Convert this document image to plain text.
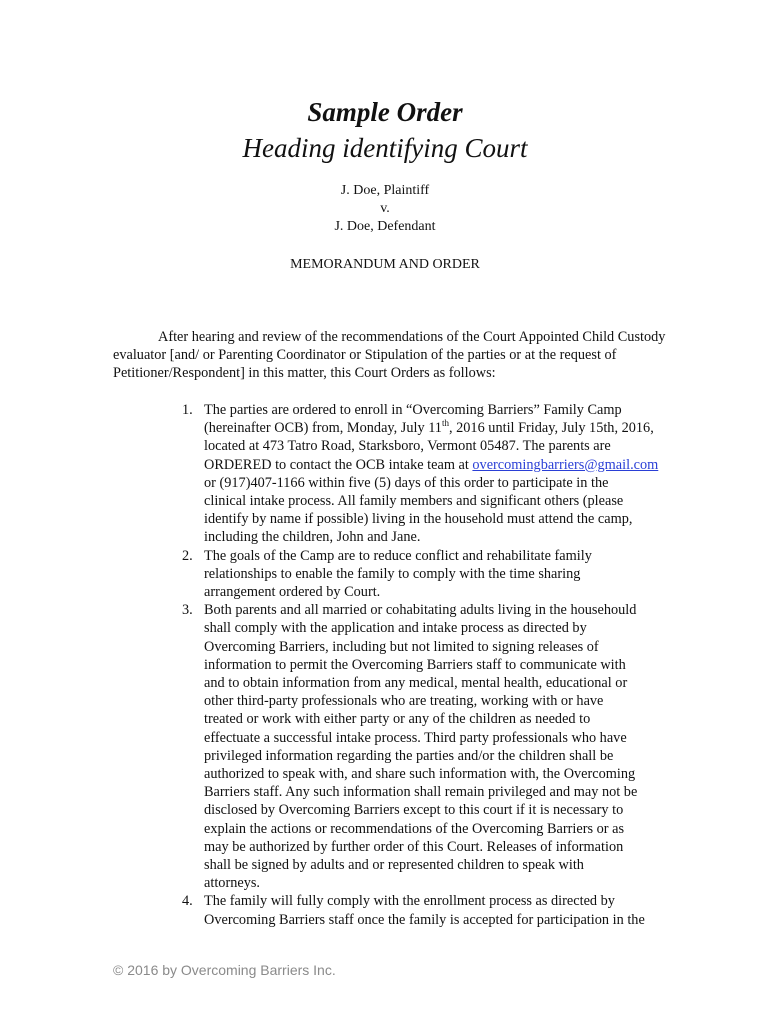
Sample Order
Heading identifying Court
J. Doe, Plaintiff
v.
J. Doe, Defendant
MEMORANDUM AND ORDER

After hearing and review of the recommendations of the Court Appointed Child Custody evaluator [and/ or Parenting Coordinator or Stipulation of the parties or at the request of Petitioner/Respondent] in this matter, this Court Orders as follows:

1. The parties are ordered to enroll in “Overcoming Barriers” Family Camp
(hereinafter OCB) from, Monday, July 11th, 2016 until Friday, July 15th, 2016,
located at 473 Tatro Road, Starksboro, Vermont 05487. The parents are
ORDERED to contact the OCB intake team at overcomingbarriers@gmail.com
or (917)407-1166 within five (5) days of this order to participate in the
clinical intake process. All family members and significant others (please
identify by name if possible) living in the household must attend the camp,
including the children, John and Jane.
2. The goals of the Camp are to reduce conflict and rehabilitate family
relationships to enable the family to comply with the time sharing
arrangement ordered by Court.
3. Both parents and all married or cohabitating adults living in the househould
shall comply with the application and intake process as directed by
Overcoming Barriers, including but not limited to signing releases of
information to permit the Overcoming Barriers staff to communicate with
and to obtain information from any medical, mental health, educational or
other third-party professionals who are treating, working with or have
treated or work with either party or any of the children as needed to
effectuate a successful intake process. Third party professionals who have
privileged information regarding the parties and/or the children shall be
authorized to speak with, and share such information with, the Overcoming
Barriers staff. Any such information shall remain privileged and may not be
disclosed by Overcoming Barriers except to this court if it is necessary to
explain the actions or recommendations of the Overcoming Barriers or as
may be authorized by further order of this Court. Releases of information
shall be signed by adults and or represented children to speak with
attorneys.
4. The family will fully comply with the enrollment process as directed by
Overcoming Barriers staff once the family is accepted for participation in the
© 2016 by Overcoming Barriers Inc.
